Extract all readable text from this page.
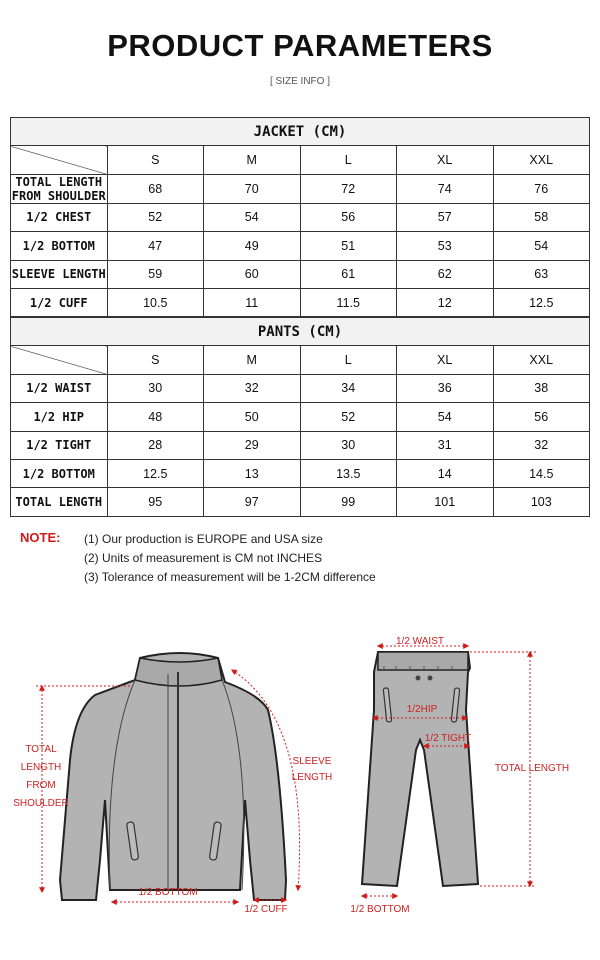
PRODUCT PARAMETERS
[ SIZE INFO ]
JACKET (CM)					
	S	M	L	XL	XXL
TOTAL LENGTH FROM SHOULDER	68	70	72	74	76
1/2 CHEST	52	54	56	57	58
1/2 BOTTOM	47	49	51	53	54
SLEEVE LENGTH	59	60	61	62	63
1/2 CUFF	10.5	11	11.5	12	12.5
PANTS (CM)					
	S	M	L	XL	XXL
1/2 WAIST	30	32	34	36	38
1/2 HIP	48	50	52	54	56
1/2 TIGHT	28	29	30	31	32
1/2 BOTTOM	12.5	13	13.5	14	14.5
TOTAL LENGTH	95	97	99	101	103
NOTE: (1) Our production is EUROPE and USA size
(2) Units of measurement is CM not INCHES
(3) Tolerance of measurement will be 1-2CM difference
TOTAL
LENGTH
FROM
SHOULDER
SLEEVE
LENGTH
1/2 BOTTOM
1/2 CUFF
1/2 WAIST
1/2HIP
1/2 TIGHT
TOTAL LENGTH
1/2 BOTTOM
